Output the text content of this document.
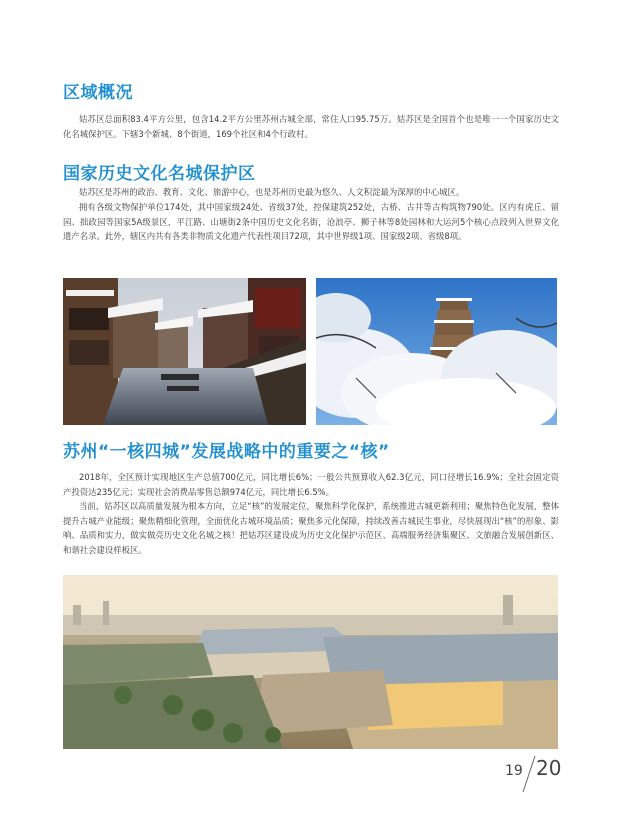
区域概况

姑苏区总面积83.4平方公里，包含14.2平方公里苏州古城全部，常住人口95.75万。姑苏区是全国首个也是唯一一个国家历史文化名城保护区。下辖3个新城、8个街道，169个社区和4个行政村。

国家历史文化名城保护区

姑苏区是苏州的政治、教育、文化、旅游中心，也是苏州历史最为悠久、人文积淀最为深厚的中心城区。

拥有各级文物保护单位174处，其中国家级24处、省级37处，控保建筑252处，古桥、古井等古构筑物790处。区内有虎丘、留园、拙政园等国家5A级景区，平江路、山塘街2条中国历史文化名街，沧浪亭、狮子林等8处园林和大运河5个核心点段列入世界文化遗产名录。此外，辖区内共有各类非物质文化遗产代表性项目72项，其中世界级1项、国家级2项、省级8项。

苏州“一核四城”发展战略中的重要之“核”

2018年，全区预计实现地区生产总值700亿元，同比增长6%；一般公共预算收入62.3亿元，同口径增长16.9%；全社会固定资产投资达235亿元；实现社会消费品零售总额974亿元，同比增长6.5%。

当前，姑苏区以高质量发展为根本方向，立足“核”的发展定位，聚焦科学化保护，系统推进古城更新利用；聚焦特色化发展，整体提升古城产业能级；聚焦精细化管理，全面优化古城环境品质；聚焦多元化保障，持续改善古城民生事业，尽快展现出“核”的形象、影响、品质和实力，做实做亮历史文化名城之核！把姑苏区建设成为历史文化保护示范区、高端服务经济集聚区、文旅融合发展创新区、和谐社会建设样板区。

19 20
